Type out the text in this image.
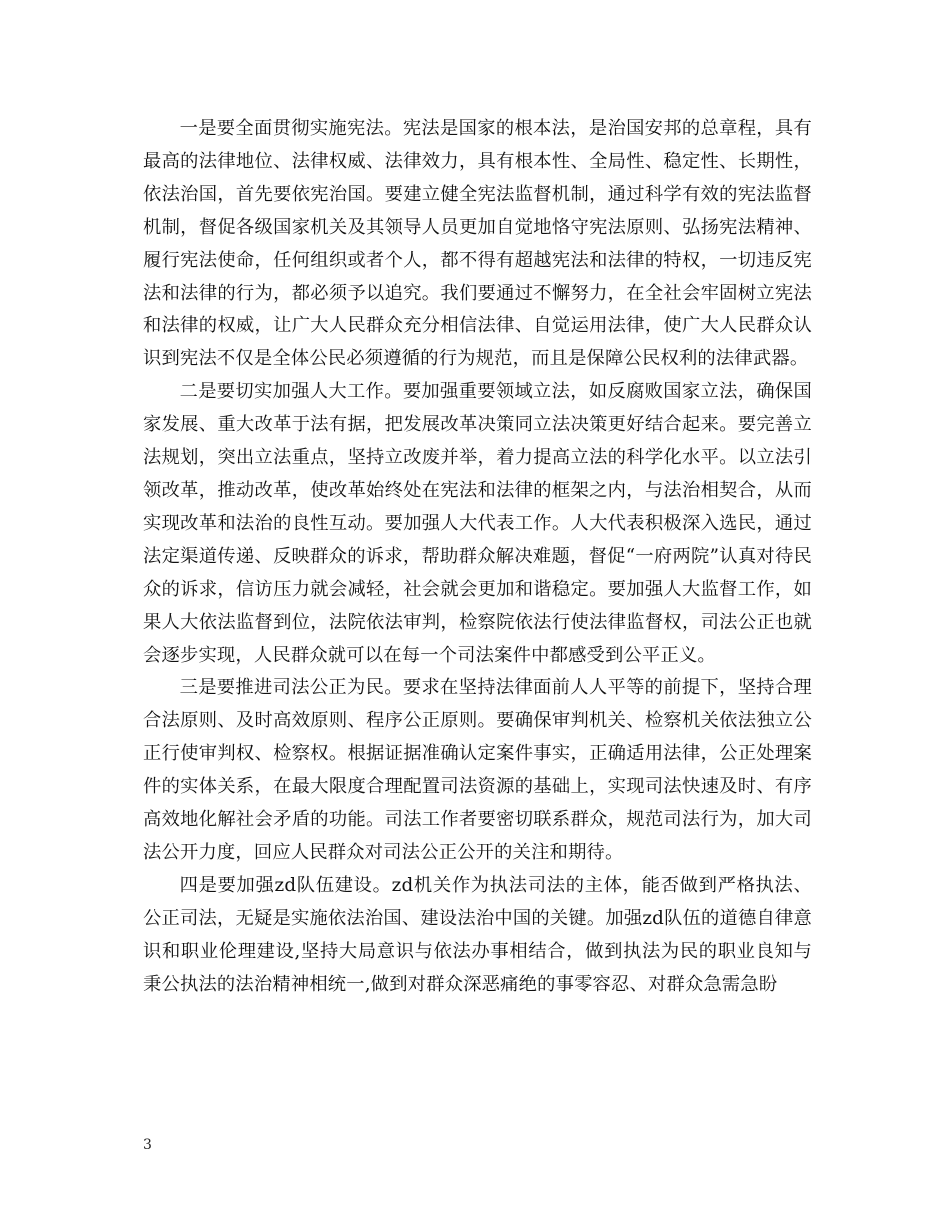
一是要全面贯彻实施宪法。宪法是国家的根本法，是治国安邦的总章程，具有最高的法律地位、法律权威、法律效力，具有根本性、全局性、稳定性、长期性，依法治国，首先要依宪治国。要建立健全宪法监督机制，通过科学有效的宪法监督机制，督促各级国家机关及其领导人员更加自觉地恪守宪法原则、弘扬宪法精神、履行宪法使命，任何组织或者个人，都不得有超越宪法和法律的特权，一切违反宪法和法律的行为，都必须予以追究。我们要通过不懈努力，在全社会牢固树立宪法和法律的权威，让广大人民群众充分相信法律、自觉运用法律，使广大人民群众认识到宪法不仅是全体公民必须遵循的行为规范，而且是保障公民权利的法律武器。

二是要切实加强人大工作。要加强重要领域立法，如反腐败国家立法，确保国家发展、重大改革于法有据，把发展改革决策同立法决策更好结合起来。要完善立法规划，突出立法重点，坚持立改废并举，着力提高立法的科学化水平。以立法引领改革，推动改革，使改革始终处在宪法和法律的框架之内，与法治相契合，从而实现改革和法治的良性互动。要加强人大代表工作。人大代表积极深入选民，通过法定渠道传递、反映群众的诉求，帮助群众解决难题，督促“一府两院”认真对待民众的诉求，信访压力就会减轻，社会就会更加和谐稳定。要加强人大监督工作，如果人大依法监督到位，法院依法审判，检察院依法行使法律监督权，司法公正也就会逐步实现，人民群众就可以在每一个司法案件中都感受到公平正义。

三是要推进司法公正为民。要求在坚持法律面前人人平等的前提下，坚持合理合法原则、及时高效原则、程序公正原则。要确保审判机关、检察机关依法独立公正行使审判权、检察权。根据证据准确认定案件事实，正确适用法律，公正处理案件的实体关系，在最大限度合理配置司法资源的基础上，实现司法快速及时、有序高效地化解社会矛盾的功能。司法工作者要密切联系群众，规范司法行为，加大司法公开力度，回应人民群众对司法公正公开的关注和期待。

四是要加强zd队伍建设。zd机关作为执法司法的主体，能否做到严格执法、公正司法，无疑是实施依法治国、建设法治中国的关键。加强zd队伍的道德自律意识和职业伦理建设,坚持大局意识与依法办事相结合，做到执法为民的职业良知与秉公执法的法治精神相统一,做到对群众深恶痛绝的事零容忍、对群众急需急盼

3
